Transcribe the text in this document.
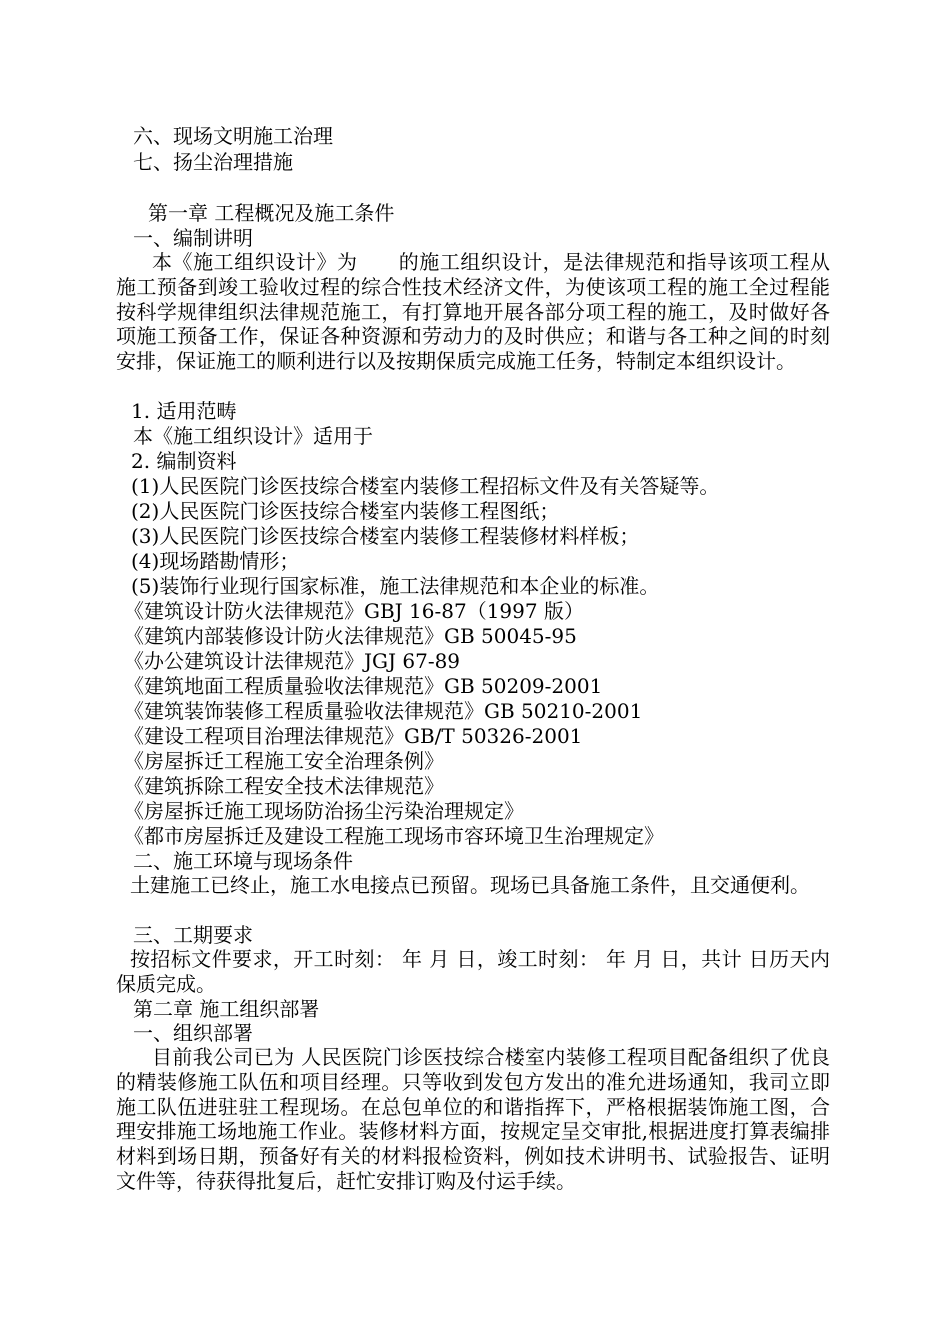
六、现场文明施工治理
七、扬尘治理措施
第一章 工程概况及施工条件
一、编制讲明
本《施工组织设计》为　　的施工组织设计，是法律规范和指导该项工程从施工预备到竣工验收过程的综合性技术经济文件，为使该项工程的施工全过程能按科学规律组织法律规范施工，有打算地开展各部分项工程的施工，及时做好各项施工预备工作，保证各种资源和劳动力的及时供应；和谐与各工种之间的时刻安排，保证施工的顺利进行以及按期保质完成施工任务，特制定本组织设计。
1. 适用范畴
本《施工组织设计》适用于
2. 编制资料
(1)人民医院门诊医技综合楼室内装修工程招标文件及有关答疑等。
(2)人民医院门诊医技综合楼室内装修工程图纸；
(3)人民医院门诊医技综合楼室内装修工程装修材料样板；
(4)现场踏勘情形；
(5)装饰行业现行国家标准，施工法律规范和本企业的标准。
《建筑设计防火法律规范》GBJ 16-87（1997 版）
《建筑内部装修设计防火法律规范》GB 50045-95
《办公建筑设计法律规范》JGJ 67-89
《建筑地面工程质量验收法律规范》GB 50209-2001
《建筑装饰装修工程质量验收法律规范》GB 50210-2001
《建设工程项目治理法律规范》GB/T 50326-2001
《房屋拆迁工程施工安全治理条例》
《建筑拆除工程安全技术法律规范》
《房屋拆迁施工现场防治扬尘污染治理规定》
《都市房屋拆迁及建设工程施工现场市容环境卫生治理规定》
二、施工环境与现场条件
土建施工已终止，施工水电接点已预留。现场已具备施工条件，且交通便利。
三、工期要求
按招标文件要求，开工时刻： 年 月 日，竣工时刻： 年 月 日，共计 日历天内保质完成。
第二章 施工组织部署
一、组织部署
目前我公司已为 人民医院门诊医技综合楼室内装修工程项目配备组织了优良的精装修施工队伍和项目经理。只等收到发包方发出的准允进场通知，我司立即施工队伍进驻驻工程现场。在总包单位的和谐指挥下，严格根据装饰施工图，合理安排施工场地施工作业。装修材料方面，按规定呈交审批,根据进度打算表编排材料到场日期，预备好有关的材料报检资料，例如技术讲明书、试验报告、证明文件等，待获得批复后，赶忙安排订购及付运手续。
